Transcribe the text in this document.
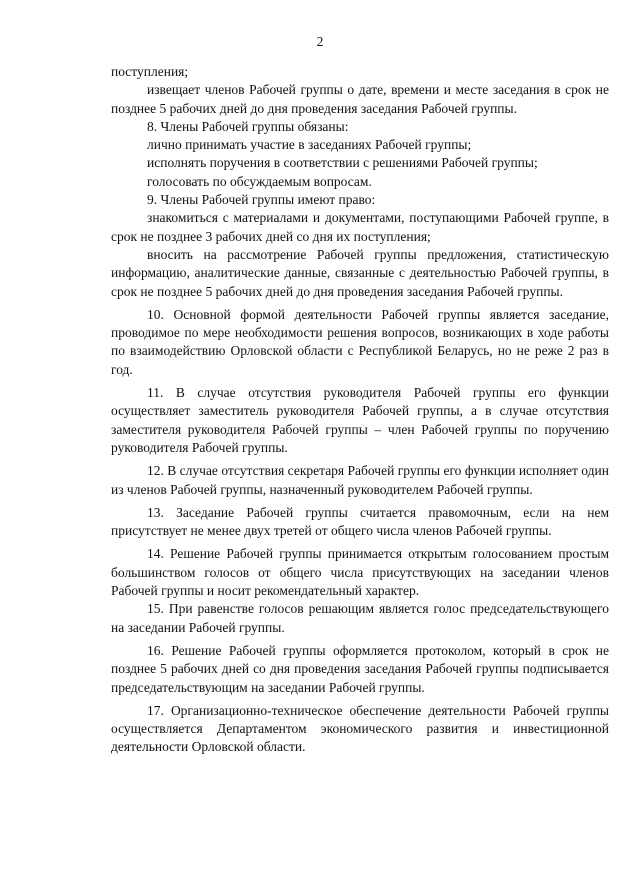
2

поступления;

извещает членов Рабочей группы о дате, времени и месте заседания в срок не позднее 5 рабочих дней до дня проведения заседания Рабочей группы.

8. Члены Рабочей группы обязаны:

лично принимать участие в заседаниях Рабочей группы;

исполнять поручения в соответствии с решениями Рабочей группы;

голосовать по обсуждаемым вопросам.

9. Члены Рабочей группы имеют право:

знакомиться с материалами и документами, поступающими Рабочей группе, в срок не позднее 3 рабочих дней со дня их поступления;

вносить на рассмотрение Рабочей группы предложения, статистическую информацию, аналитические данные, связанные с деятельностью Рабочей группы, в срок не позднее 5 рабочих дней до дня проведения заседания Рабочей группы.

10. Основной формой деятельности Рабочей группы является заседание, проводимое по мере необходимости решения вопросов, возникающих в ходе работы по взаимодействию Орловской области с Республикой Беларусь, но не реже 2 раз в год.

11. В случае отсутствия руководителя Рабочей группы его функции осуществляет заместитель руководителя Рабочей группы, а в случае отсутствия заместителя руководителя Рабочей группы – член Рабочей группы по поручению руководителя Рабочей группы.

12. В случае отсутствия секретаря Рабочей группы его функции исполняет один из членов Рабочей группы, назначенный руководителем Рабочей группы.

13. Заседание Рабочей группы считается правомочным, если на нем присутствует не менее двух третей от общего числа членов Рабочей группы.

14. Решение Рабочей группы принимается открытым голосованием простым большинством голосов от общего числа присутствующих на заседании членов Рабочей группы и носит рекомендательный характер.

15. При равенстве голосов решающим является голос председательствующего на заседании Рабочей группы.

16. Решение Рабочей группы оформляется протоколом, который в срок не позднее 5 рабочих дней со дня проведения заседания Рабочей группы подписывается председательствующим на заседании Рабочей группы.

17. Организационно-техническое обеспечение деятельности Рабочей группы осуществляется Департаментом экономического развития и инвестиционной деятельности Орловской области.
